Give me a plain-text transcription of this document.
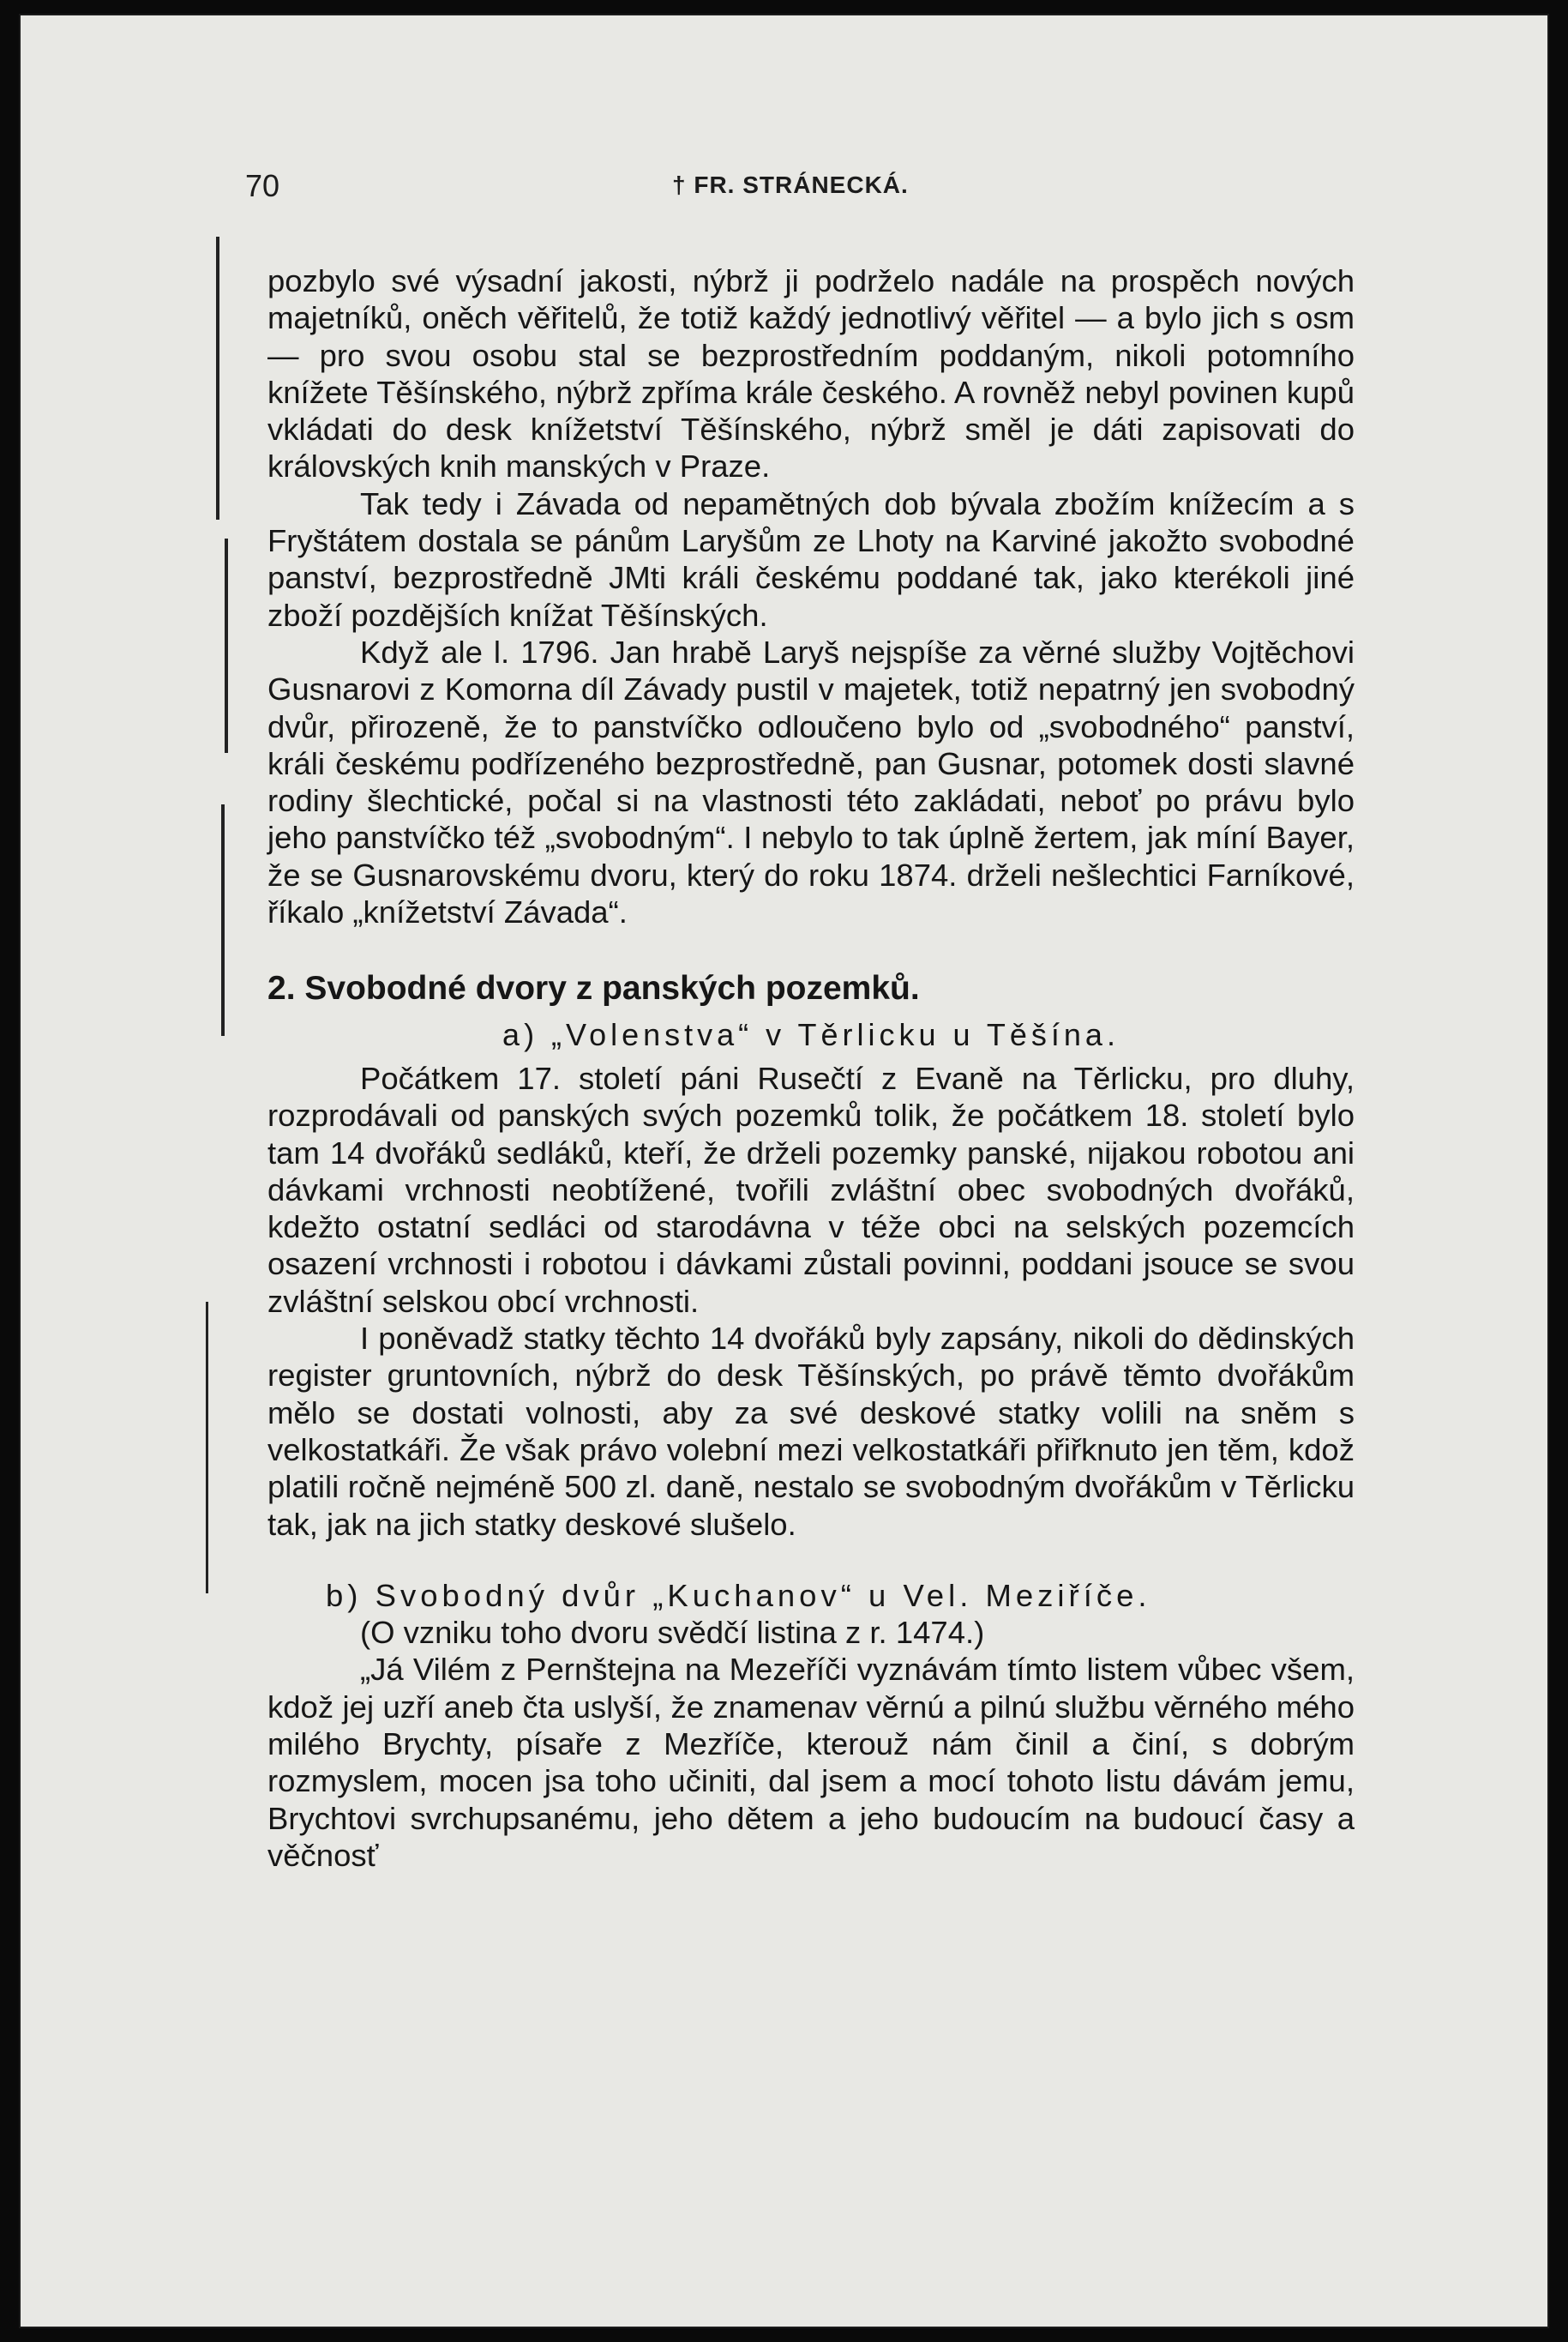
70	† FR. STRÁNECKÁ.

pozbylo své výsadní jakosti, nýbrž ji podrželo nadále na prospěch nových majetníků, oněch věřitelů, že totiž každý jednotlivý věřitel — a bylo jich s osm — pro svou osobu stal se bezprostředním poddaným, nikoli potomního knížete Těšínského, nýbrž zpříma krále českého. A rovněž nebyl povinen kupů vkládati do desk knížetství Těšínského, nýbrž směl je dáti zapisovati do královských knih manských v Praze.

Tak tedy i Závada od nepamětných dob bývala zbožím knížecím a s Fryštátem dostala se pánům Laryšům ze Lhoty na Karviné jakožto svobodné panství, bezprostředně JMti králi českému poddané tak, jako kterékoli jiné zboží pozdějších knížat Těšínských.

Když ale l. 1796. Jan hrabě Laryš nejspíše za věrné služby Vojtěchovi Gusnarovi z Komorna díl Závady pustil v majetek, totiž nepatrný jen svobodný dvůr, přirozeně, že to panstvíčko odloučeno bylo od „svobodného“ panství, králi českému podřízeného bezprostředně, pan Gusnar, potomek dosti slavné rodiny šlechtické, počal si na vlastnosti této zakládati, neboť po právu bylo jeho panstvíčko též „svobodným“. I nebylo to tak úplně žertem, jak míní Bayer, že se Gusnarovskému dvoru, který do roku 1874. drželi nešlechtici Farníkové, říkalo „knížetství Závada“.

2. Svobodné dvory z panských pozemků.

a) „Volenstva“ v Těrlicku u Těšína.

Počátkem 17. století páni Rusečtí z Evaně na Těrlicku, pro dluhy, rozprodávali od panských svých pozemků tolik, že počátkem 18. století bylo tam 14 dvořáků sedláků, kteří, že drželi pozemky panské, nijakou robotou ani dávkami vrchnosti neobtížené, tvořili zvláštní obec svobodných dvořáků, kdežto ostatní sedláci od starodávna v téže obci na selských pozemcích osazení vrchnosti i robotou i dávkami zůstali povinni, poddani jsouce se svou zvláštní selskou obcí vrchnosti.

I poněvadž statky těchto 14 dvořáků byly zapsány, nikoli do dědinských register gruntovních, nýbrž do desk Těšínských, po právě těmto dvořákům mělo se dostati volnosti, aby za své deskové statky volili na sněm s velkostatkáři. Že však právo volební mezi velkostatkáři přiřknuto jen těm, kdož platili ročně nejméně 500 zl. daně, nestalo se svobodným dvořákům v Těrlicku tak, jak na jich statky deskové slušelo.

b) Svobodný dvůr „Kuchanov“ u Vel. Meziříče.

(O vzniku toho dvoru svědčí listina z r. 1474.)

„Já Vilém z Pernštejna na Mezeříči vyznávám tímto listem vůbec všem, kdož jej uzří aneb čta uslyší, že znamenav věrnú a pilnú službu věrného mého milého Brychty, písaře z Mezříče, kterouž nám činil a činí, s dobrým rozmyslem, mocen jsa toho učiniti, dal jsem a mocí tohoto listu dávám jemu, Brychtovi svrchupsanému, jeho dětem a jeho budoucím na budoucí časy a věčnosť
